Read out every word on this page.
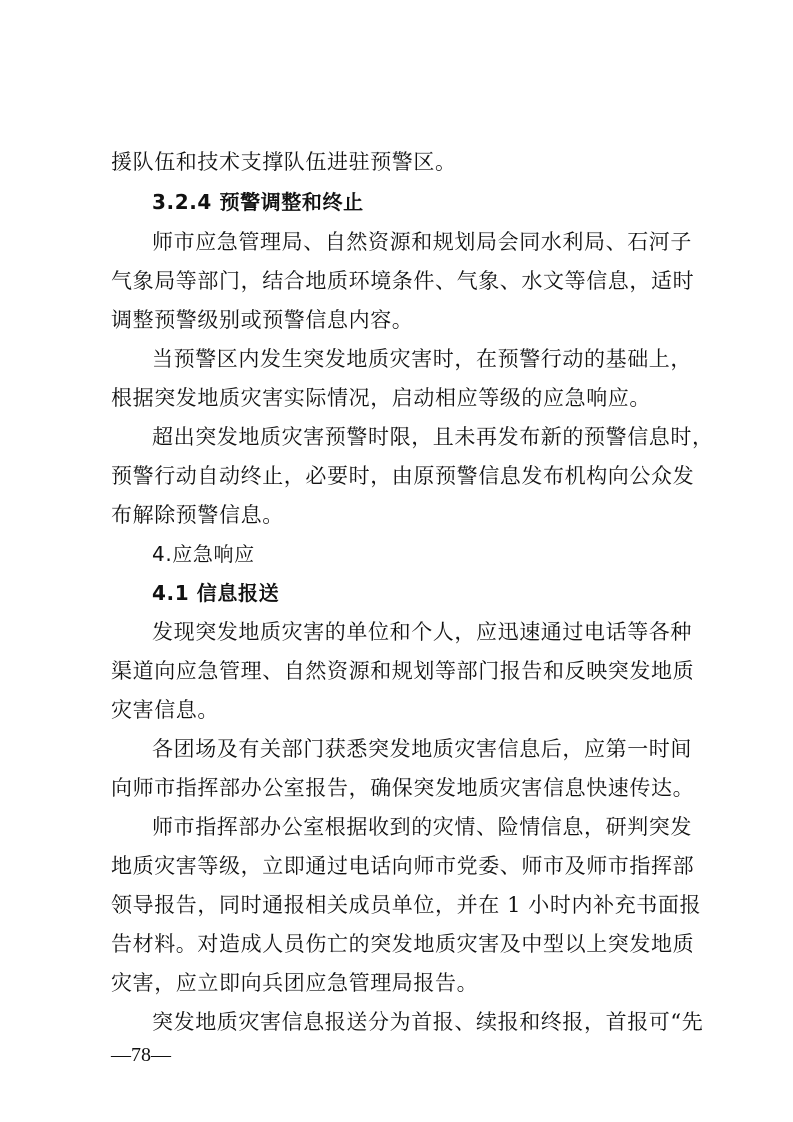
援队伍和技术支撑队伍进驻预警区。
3.2.4 预警调整和终止
师市应急管理局、自然资源和规划局会同水利局、石河子
气象局等部门，结合地质环境条件、气象、水文等信息，适时
调整预警级别或预警信息内容。
当预警区内发生突发地质灾害时，在预警行动的基础上，
根据突发地质灾害实际情况，启动相应等级的应急响应。
超出突发地质灾害预警时限，且未再发布新的预警信息时，
预警行动自动终止，必要时，由原预警信息发布机构向公众发
布解除预警信息。
4.应急响应
4.1 信息报送
发现突发地质灾害的单位和个人，应迅速通过电话等各种
渠道向应急管理、自然资源和规划等部门报告和反映突发地质
灾害信息。
各团场及有关部门获悉突发地质灾害信息后，应第一时间
向师市指挥部办公室报告，确保突发地质灾害信息快速传达。
师市指挥部办公室根据收到的灾情、险情信息，研判突发
地质灾害等级，立即通过电话向师市党委、师市及师市指挥部
领导报告，同时通报相关成员单位，并在 1 小时内补充书面报
告材料。对造成人员伤亡的突发地质灾害及中型以上突发地质
灾害，应立即向兵团应急管理局报告。
突发地质灾害信息报送分为首报、续报和终报，首报可“先
—78—
